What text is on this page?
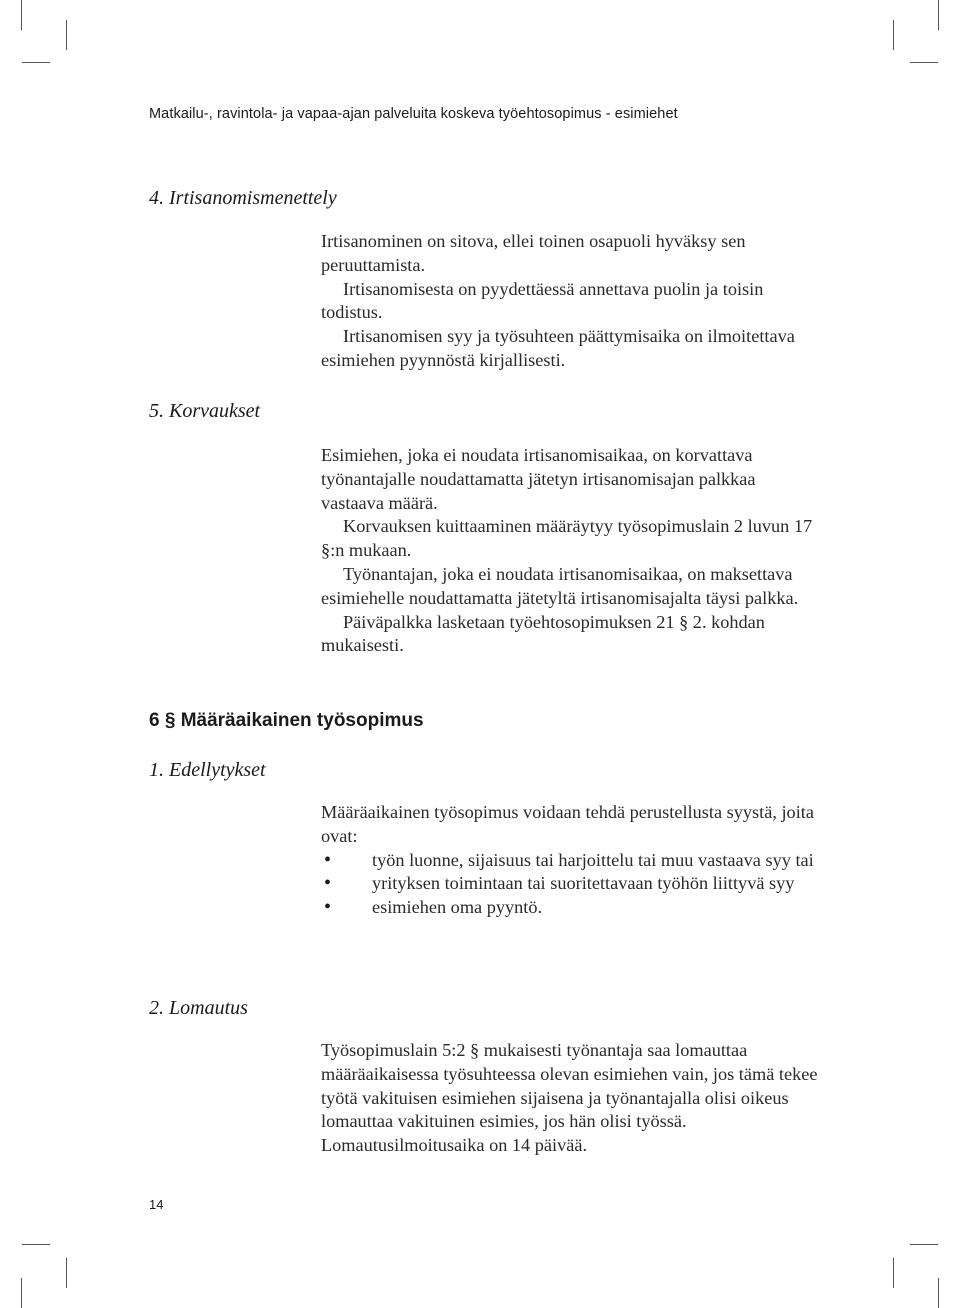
Matkailu-, ravintola- ja vapaa-ajan palveluita koskeva työehtosopimus - esimiehet
4. Irtisanomismenettely

Irtisanominen on sitova, ellei toinen osapuoli hyväksy sen peruuttamista.

Irtisanomisesta on pyydettäessä annettava puolin ja toisin todistus.

Irtisanomisen syy ja työsuhteen päättymisaika on ilmoitettava esimiehen pyynnöstä kirjallisesti.

5. Korvaukset

Esimiehen, joka ei noudata irtisanomisaikaa, on korvattava työnantajalle noudattamatta jätetyn irtisanomisajan palkkaa vastaava määrä.

Korvauksen kuittaaminen määräytyy työsopimuslain 2 luvun 17 §:n mukaan.

Työnantajan, joka ei noudata irtisanomisaikaa, on maksettava esimiehelle noudattamatta jätetyltä irtisanomisajalta täysi palkka.

Päiväpalkka lasketaan työehtosopimuksen 21 § 2. kohdan mukaisesti.

6 § Määräaikainen työsopimus
1. Edellytykset

Määräaikainen työsopimus voidaan tehdä perustellusta syystä, joita ovat:

• työn luonne, sijaisuus tai harjoittelu tai muu vastaava syy tai
• yrityksen toimintaan tai suoritettavaan työhön liittyvä syy
• esimiehen oma pyyntö.
2. Lomautus

Työsopimuslain 5:2 § mukaisesti työnantaja saa lomauttaa määräaikaisessa työsuhteessa olevan esimiehen vain, jos tämä tekee työtä vakituisen esimiehen sijaisena ja työnantajalla olisi oikeus lomauttaa vakituinen esimies, jos hän olisi työssä. Lomautusilmoitusaika on 14 päivää.

14
